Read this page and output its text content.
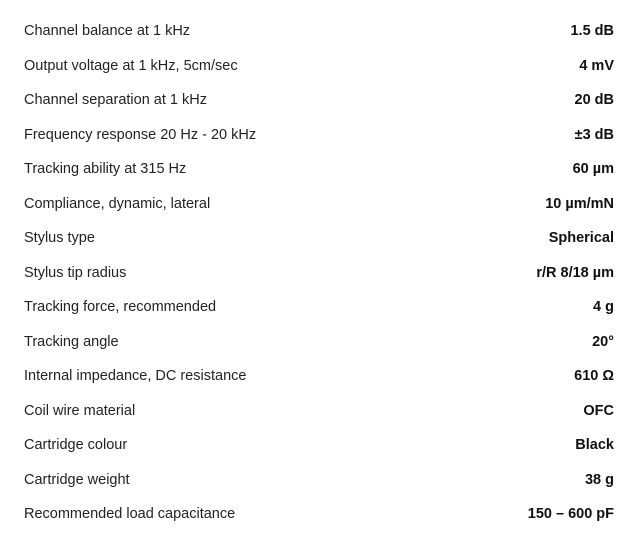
Channel balance at 1 kHz	1.5 dB
Output voltage at 1 kHz, 5cm/sec	4 mV
Channel separation at 1 kHz	20 dB
Frequency response 20 Hz - 20 kHz	±3 dB
Tracking ability at 315 Hz	60 µm
Compliance, dynamic, lateral	10 µm/mN
Stylus type	Spherical
Stylus tip radius	r/R 8/18 µm
Tracking force, recommended	4 g
Tracking angle	20°
Internal impedance, DC resistance	610 Ω
Coil wire material	OFC
Cartridge colour	Black
Cartridge weight	38 g
Recommended load capacitance	150 – 600 pF
